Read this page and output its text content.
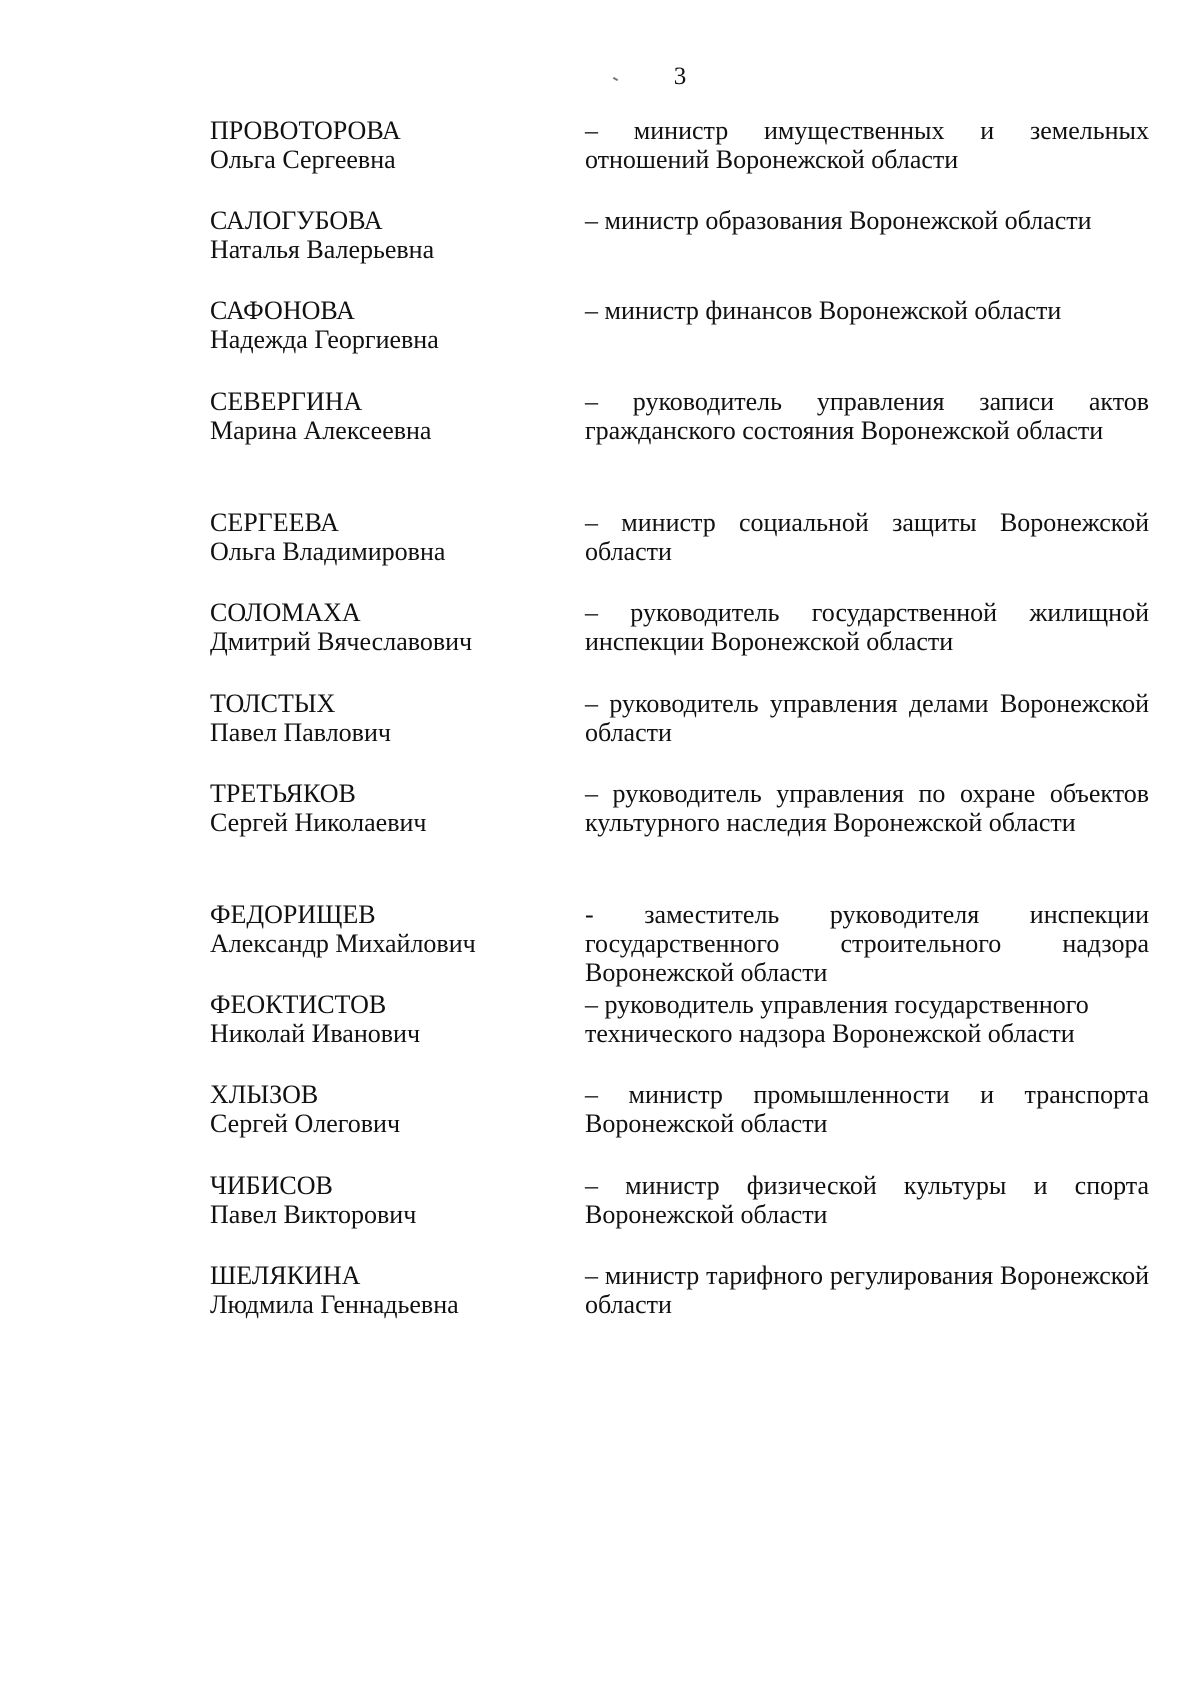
3
ПРОВОТОРОВА
Ольга Сергеевна
– министр имущественных и земельных отношений Воронежской области
САЛОГУБОВА
Наталья Валерьевна
– министр образования Воронежской области
САФОНОВА
Надежда Георгиевна
– министр финансов Воронежской области
СЕВЕРГИНА
Марина Алексеевна
– руководитель управления записи актов гражданского состояния Воронежской области
СЕРГЕЕВА
Ольга Владимировна
– министр социальной защиты Воронежской области
СОЛОМАХА
Дмитрий Вячеславович
– руководитель государственной жилищной инспекции Воронежской области
ТОЛСТЫХ
Павел Павлович
– руководитель управления делами Воронежской области
ТРЕТЬЯКОВ
Сергей Николаевич
– руководитель управления по охране объектов культурного наследия Воронежской области
ФЕДОРИЩЕВ
Александр Михайлович
- заместитель руководителя инспекции государственного строительного надзора Воронежской области
ФЕОКТИСТОВ
Николай Иванович
– руководитель управления государственного технического надзора Воронежской области
ХЛЫЗОВ
Сергей Олегович
– министр промышленности и транспорта Воронежской области
ЧИБИСОВ
Павел Викторович
– министр физической культуры и спорта Воронежской области
ШЕЛЯКИНА
Людмила Геннадьевна
– министр тарифного регулирования Воронежской области
